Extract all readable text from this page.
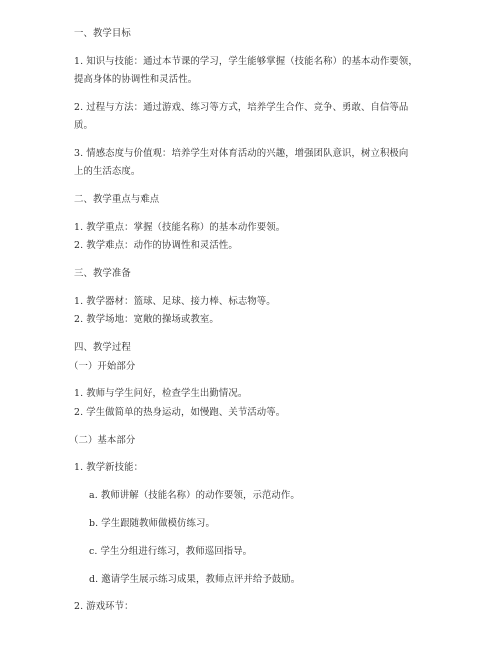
一、教学目标
1. 知识与技能：通过本节课的学习，学生能够掌握（技能名称）的基本动作要领，
提高身体的协调性和灵活性。
2. 过程与方法：通过游戏、练习等方式，培养学生合作、竞争、勇敢、自信等品
质。
3. 情感态度与价值观：培养学生对体育活动的兴趣，增强团队意识，树立积极向
上的生活态度。
二、教学重点与难点
1. 教学重点：掌握（技能名称）的基本动作要领。
2. 教学难点：动作的协调性和灵活性。
三、教学准备
1. 教学器材：篮球、足球、接力棒、标志物等。
2. 教学场地：宽敞的操场或教室。
四、教学过程
（一）开始部分
1. 教师与学生问好，检查学生出勤情况。
2. 学生做简单的热身运动，如慢跑、关节活动等。
（二）基本部分
1. 教学新技能：
a. 教师讲解（技能名称）的动作要领，示范动作。
b. 学生跟随教师做模仿练习。
c. 学生分组进行练习，教师巡回指导。
d. 邀请学生展示练习成果，教师点评并给予鼓励。
2. 游戏环节：
